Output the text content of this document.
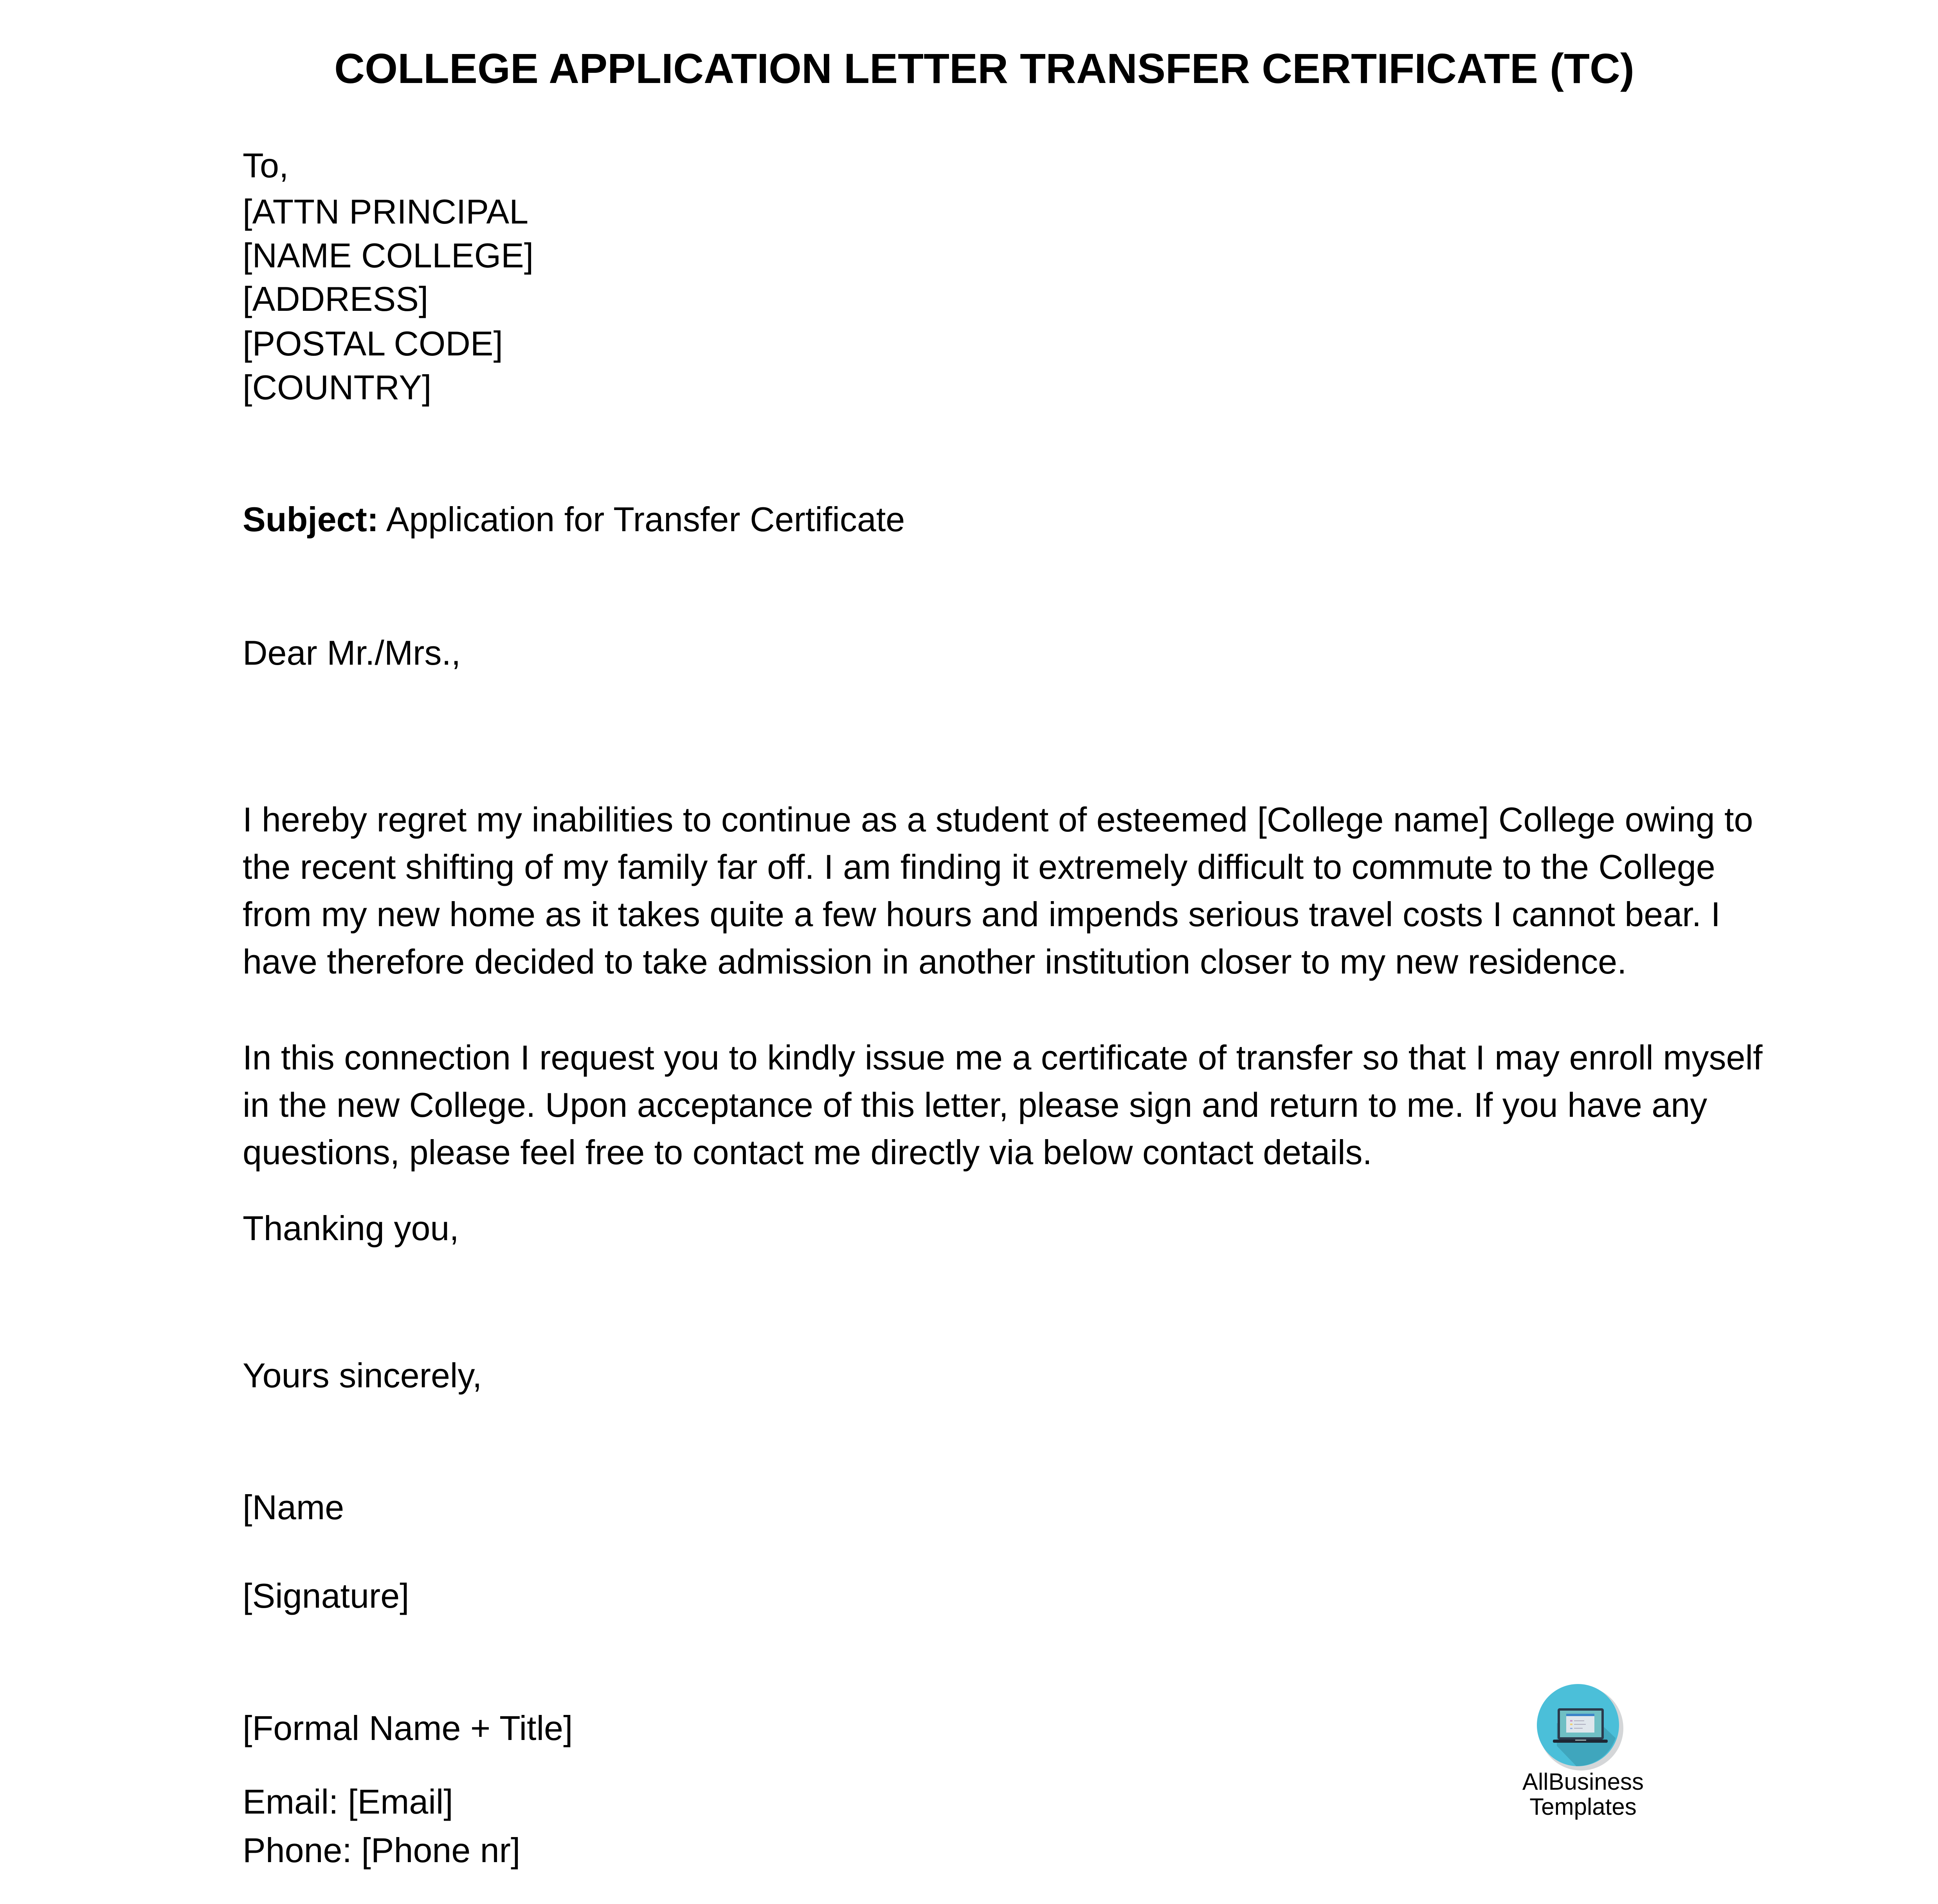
COLLEGE APPLICATION LETTER TRANSFER CERTIFICATE (TC)
To,
[ATTN PRINCIPAL
[NAME COLLEGE]
[ADDRESS]
[POSTAL CODE]
[COUNTRY]
Subject: Application for Transfer Certificate
Dear Mr./Mrs.,
I hereby regret my inabilities to continue as a student of esteemed [College name] College owing to
the recent shifting of my family far off. I am finding it extremely difficult to commute to the College
from my new home as it takes quite a few hours and impends serious travel costs I cannot bear. I
have therefore decided to take admission in another institution closer to my new residence.
In this connection I request you to kindly issue me a certificate of transfer so that I may enroll myself
in the new College. Upon acceptance of this letter, please sign and return to me. If you have any
questions, please feel free to contact me directly via below contact details.
Thanking you,
Yours sincerely,
[Name
[Signature]
[Formal Name + Title]
Email: [Email]
Phone: [Phone nr]
AllBusiness
Templates
